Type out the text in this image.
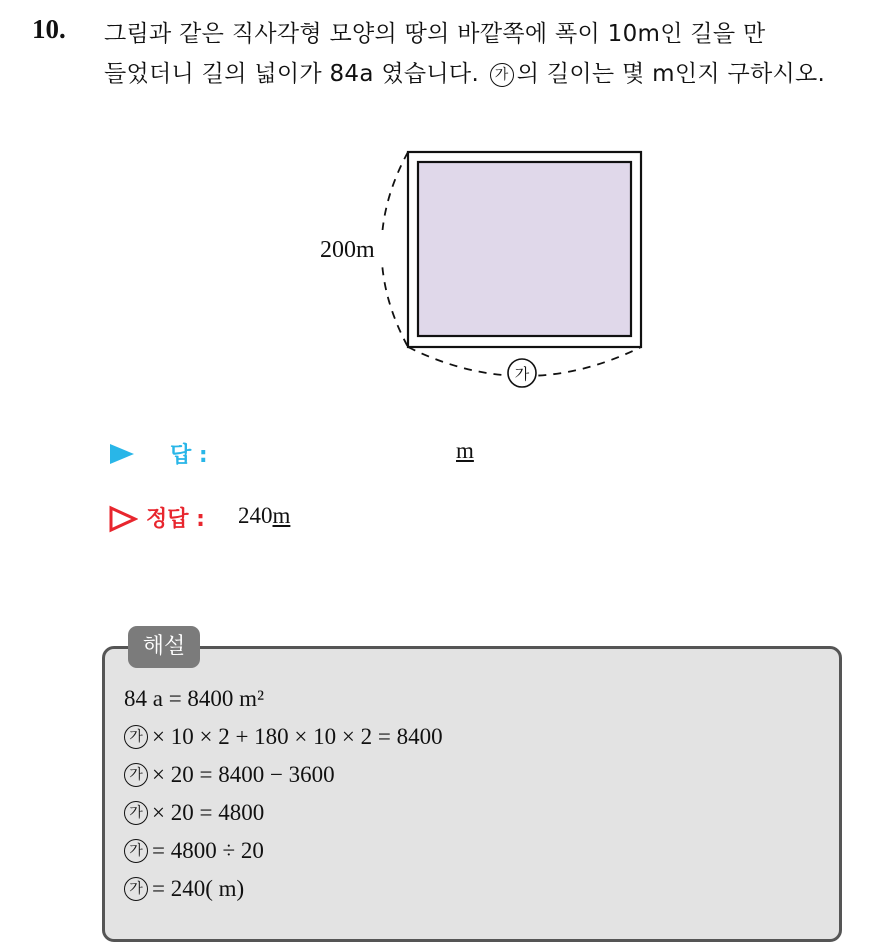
10. 그림과 같은 직사각형 모양의 땅의 바깥쪽에 폭이 10m인 길을 만
들었더니 길의 넓이가 84a 였습니다. 가 의 길이는 몇 m인지 구하시오.
200m
가
답 :	m
정답 : 240m
해설
84 a = 8400 m²
가 × 10 × 2 + 180 × 10 × 2 = 8400
가 × 20 = 8400 − 3600
가 × 20 = 4800
가 = 4800 ÷ 20
가 = 240( m)
